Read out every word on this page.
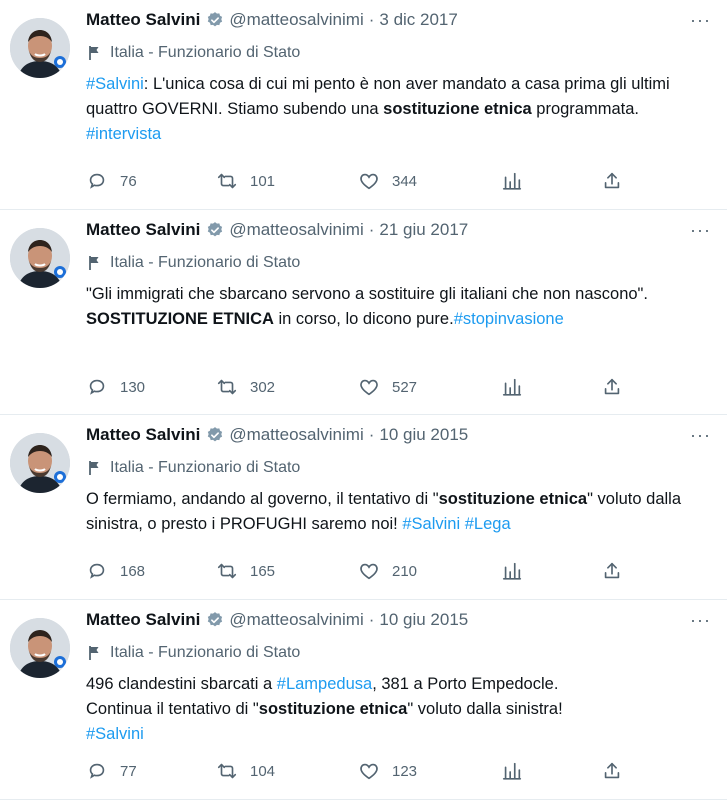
Matteo Salvini @matteosalvinimi · 3 dic 2017	···
Italia - Funzionario di Stato
#Salvini: L'unica cosa di cui mi pento è non aver mandato a casa prima gli ultimi quattro GOVERNI. Stiamo subendo una sostituzione etnica programmata. #intervista
76	101	344
Matteo Salvini @matteosalvinimi · 21 giu 2017	···
Italia - Funzionario di Stato
"Gli immigrati che sbarcano servono a sostituire gli italiani che non nascono".
SOSTITUZIONE ETNICA in corso, lo dicono pure.#stopinvasione
130	302	527
Matteo Salvini @matteosalvinimi · 10 giu 2015	···
Italia - Funzionario di Stato
O fermiamo, andando al governo, il tentativo di "sostituzione etnica" voluto dalla sinistra, o presto i PROFUGHI saremo noi! #Salvini #Lega
168	165	210
Matteo Salvini @matteosalvinimi · 10 giu 2015	···
Italia - Funzionario di Stato
496 clandestini sbarcati a #Lampedusa, 381 a Porto Empedocle.
Continua il tentativo di "sostituzione etnica" voluto dalla sinistra!
#Salvini
77	104	123
